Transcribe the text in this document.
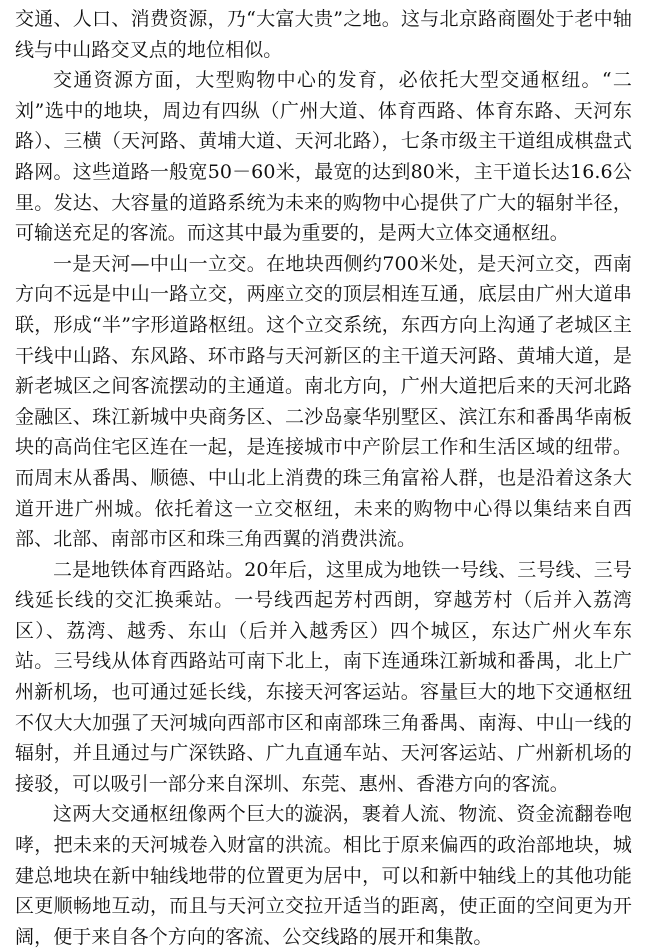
交通、人口、消费资源，乃“大富大贵”之地。这与北京路商圈处于老中轴线与中山路交叉点的地位相似。

交通资源方面，大型购物中心的发育，必依托大型交通枢纽。“二刘”选中的地块，周边有四纵（广州大道、体育西路、体育东路、天河东路）、三横（天河路、黄埔大道、天河北路），七条市级主干道组成棋盘式路网。这些道路一般宽50－60米，最宽的达到80米，主干道长达16.6公里。发达、大容量的道路系统为未来的购物中心提供了广大的辐射半径，可输送充足的客流。而这其中最为重要的，是两大立体交通枢纽。

一是天河—中山一立交。在地块西侧约700米处，是天河立交，西南方向不远是中山一路立交，两座立交的顶层相连互通，底层由广州大道串联，形成“半”字形道路枢纽。这个立交系统，东西方向上沟通了老城区主干线中山路、东风路、环市路与天河新区的主干道天河路、黄埔大道，是新老城区之间客流摆动的主通道。南北方向，广州大道把后来的天河北路金融区、珠江新城中央商务区、二沙岛豪华别墅区、滨江东和番禺华南板块的高尚住宅区连在一起，是连接城市中产阶层工作和生活区域的纽带。而周末从番禺、顺德、中山北上消费的珠三角富裕人群，也是沿着这条大道开进广州城。依托着这一立交枢纽，未来的购物中心得以集结来自西部、北部、南部市区和珠三角西翼的消费洪流。

二是地铁体育西路站。20年后，这里成为地铁一号线、三号线、三号线延长线的交汇换乘站。一号线西起芳村西朗，穿越芳村（后并入荔湾区）、荔湾、越秀、东山（后并入越秀区）四个城区，东达广州火车东站。三号线从体育西路站可南下北上，南下连通珠江新城和番禺，北上广州新机场，也可通过延长线，东接天河客运站。容量巨大的地下交通枢纽不仅大大加强了天河城向西部市区和南部珠三角番禺、南海、中山一线的辐射，并且通过与广深铁路、广九直通车站、天河客运站、广州新机场的接驳，可以吸引一部分来自深圳、东莞、惠州、香港方向的客流。

这两大交通枢纽像两个巨大的漩涡，裹着人流、物流、资金流翻卷咆哮，把未来的天河城卷入财富的洪流。相比于原来偏西的政治部地块，城建总地块在新中轴线地带的位置更为居中，可以和新中轴线上的其他功能区更顺畅地互动，而且与天河立交拉开适当的距离，使正面的空间更为开阔，便于来自各个方向的客流、公交线路的展开和集散。
